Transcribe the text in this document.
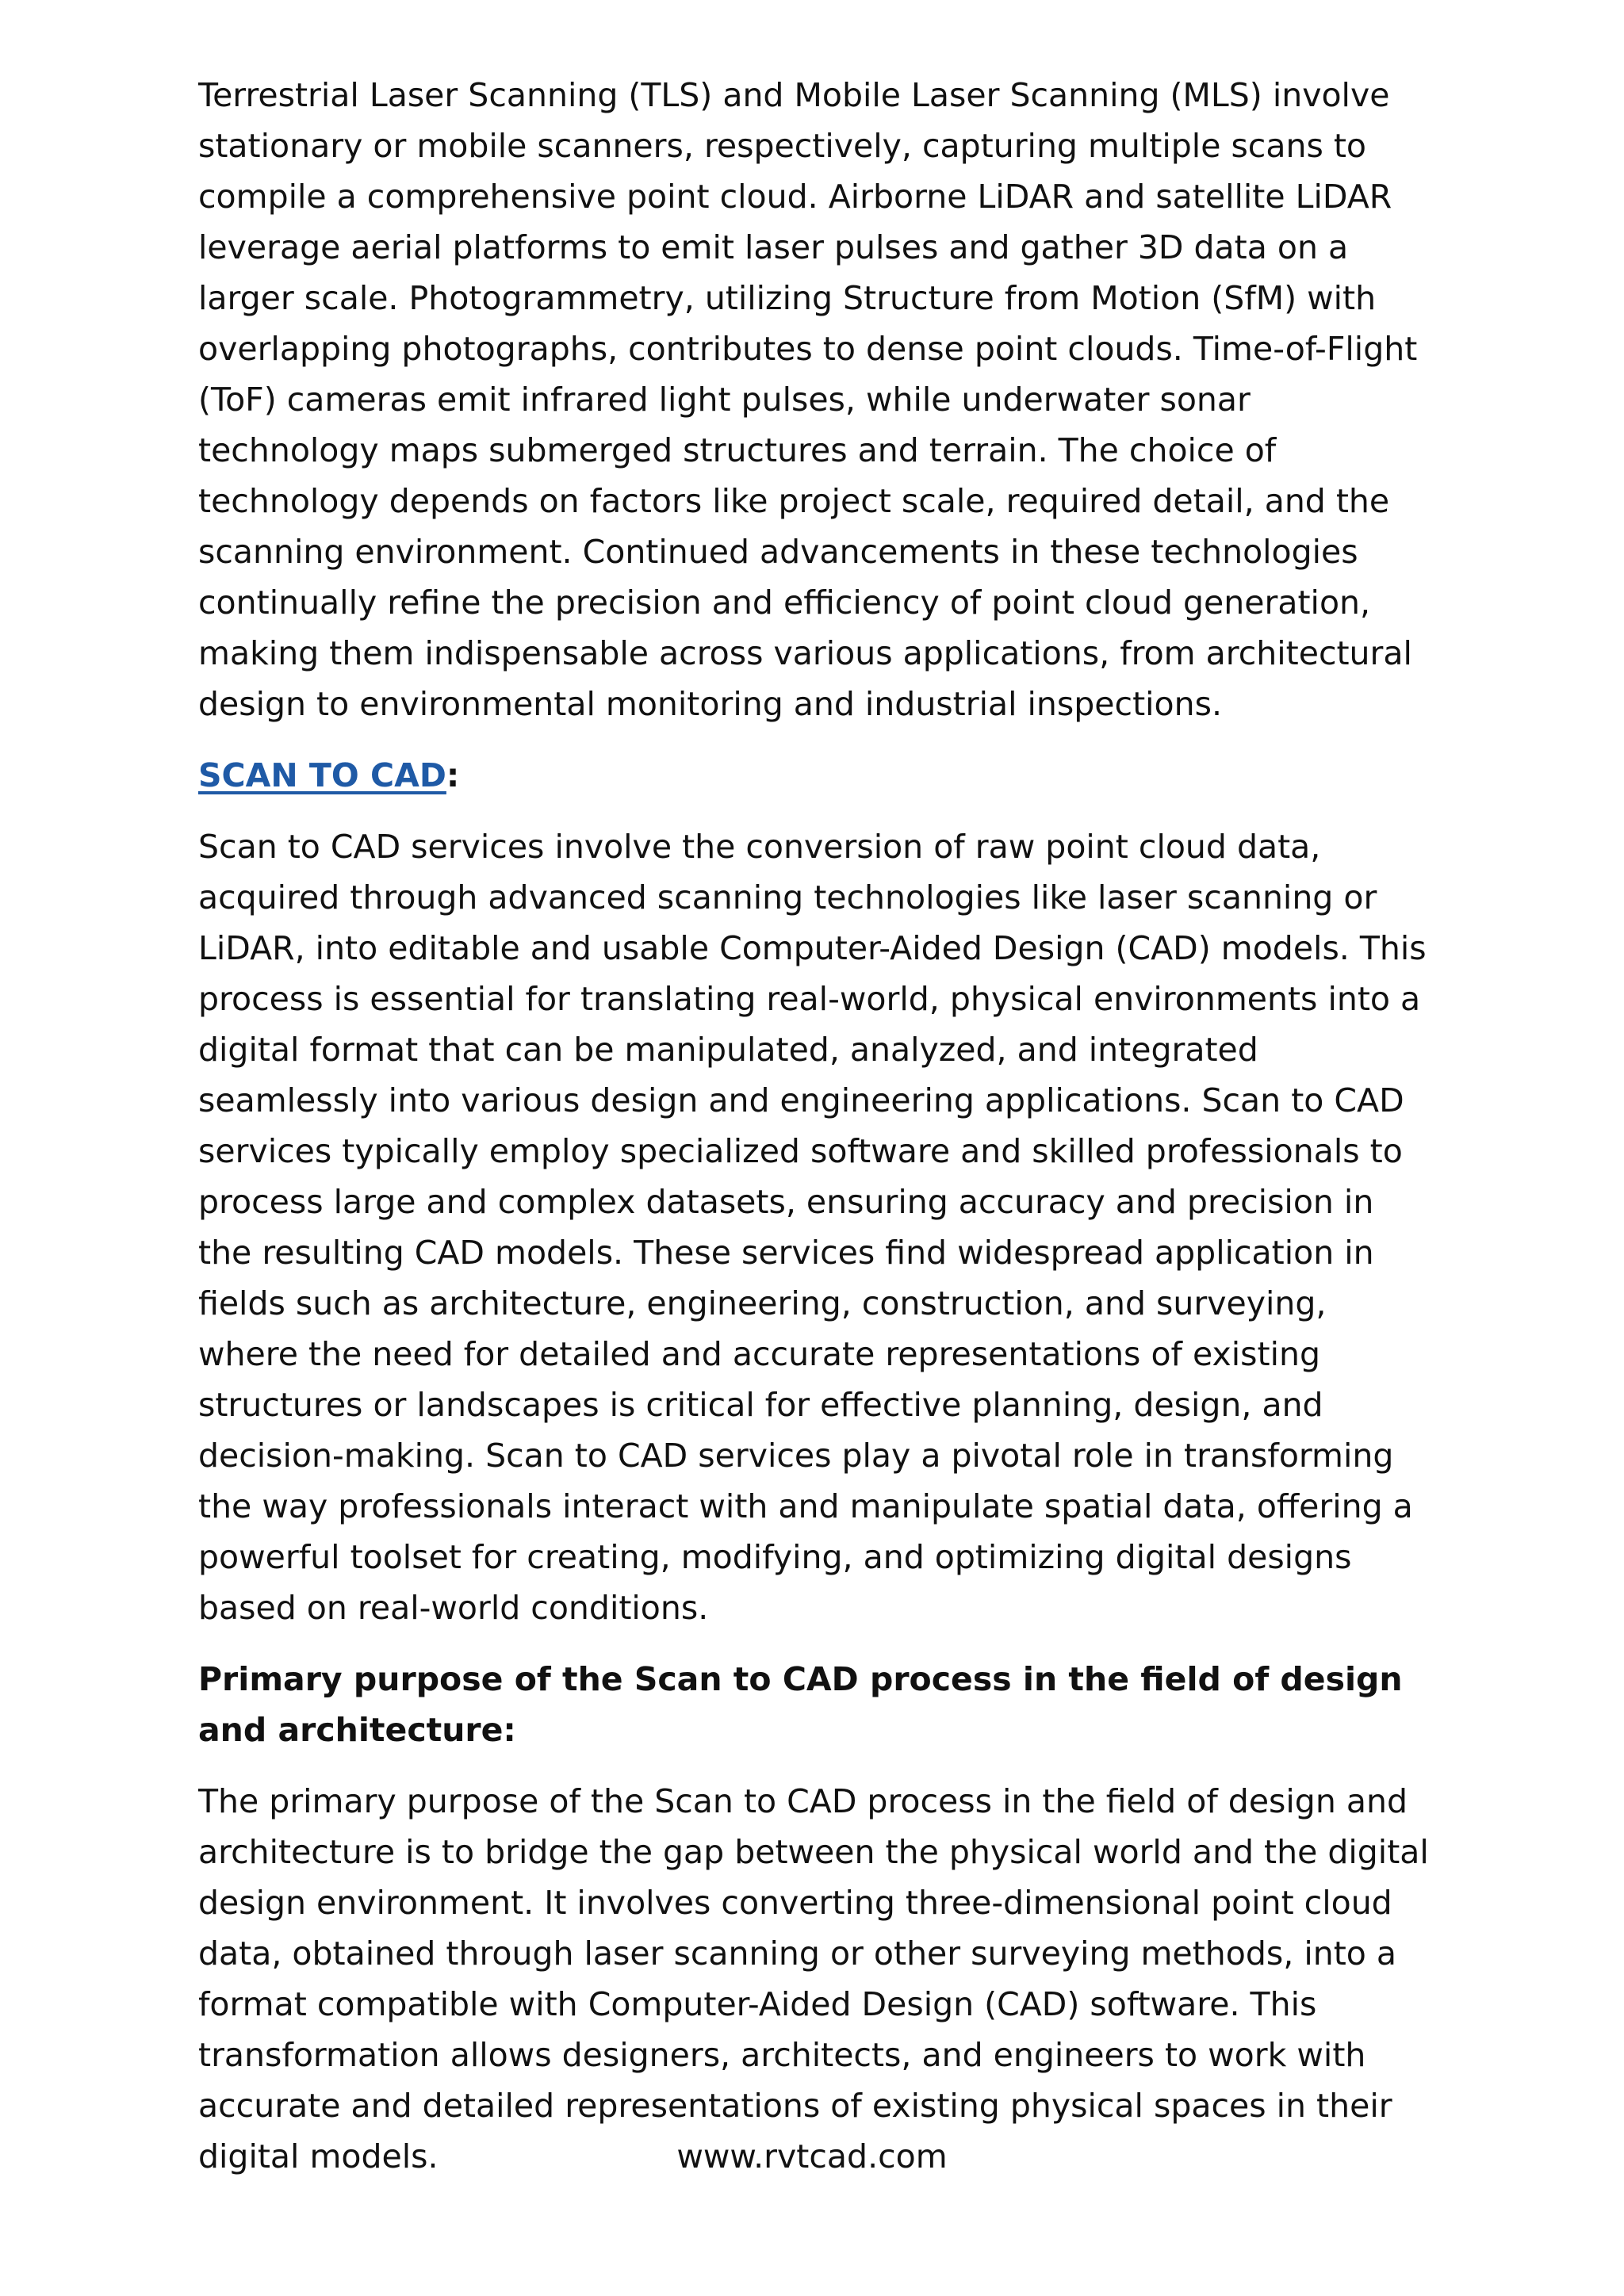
Terrestrial Laser Scanning (TLS) and Mobile Laser Scanning (MLS) involve stationary or mobile scanners, respectively, capturing multiple scans to compile a comprehensive point cloud. Airborne LiDAR and satellite LiDAR leverage aerial platforms to emit laser pulses and gather 3D data on a larger scale. Photogrammetry, utilizing Structure from Motion (SfM) with overlapping photographs, contributes to dense point clouds. Time-of-Flight (ToF) cameras emit infrared light pulses, while underwater sonar technology maps submerged structures and terrain. The choice of technology depends on factors like project scale, required detail, and the scanning environment. Continued advancements in these technologies continually refine the precision and efficiency of point cloud generation, making them indispensable across various applications, from architectural design to environmental monitoring and industrial inspections.

SCAN TO CAD:

Scan to CAD services involve the conversion of raw point cloud data, acquired through advanced scanning technologies like laser scanning or LiDAR, into editable and usable Computer-Aided Design (CAD) models. This process is essential for translating real-world, physical environments into a digital format that can be manipulated, analyzed, and integrated seamlessly into various design and engineering applications. Scan to CAD services typically employ specialized software and skilled professionals to process large and complex datasets, ensuring accuracy and precision in the resulting CAD models. These services find widespread application in fields such as architecture, engineering, construction, and surveying, where the need for detailed and accurate representations of existing structures or landscapes is critical for effective planning, design, and decision-making. Scan to CAD services play a pivotal role in transforming the way professionals interact with and manipulate spatial data, offering a powerful toolset for creating, modifying, and optimizing digital designs based on real-world conditions.

Primary purpose of the Scan to CAD process in the field of design and architecture:

The primary purpose of the Scan to CAD process in the field of design and architecture is to bridge the gap between the physical world and the digital design environment. It involves converting three-dimensional point cloud data, obtained through laser scanning or other surveying methods, into a format compatible with Computer-Aided Design (CAD) software. This transformation allows designers, architects, and engineers to work with accurate and detailed representations of existing physical spaces in their digital models.	www.rvtcad.com
